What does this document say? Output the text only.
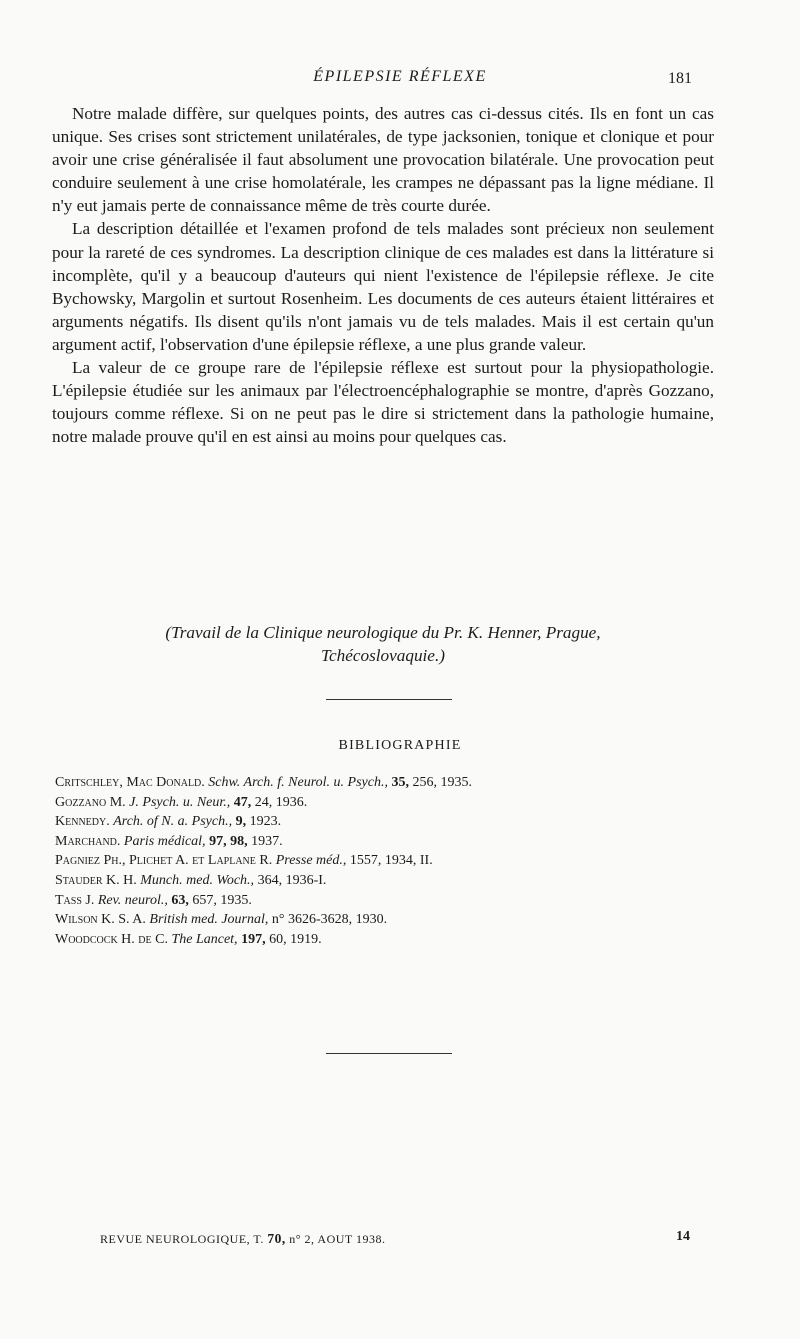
ÉPILEPSIE RÉFLEXE	181

Notre malade diffère, sur quelques points, des autres cas ci-dessus cités. Ils en font un cas unique. Ses crises sont strictement unilatérales, de type jacksonien, tonique et clonique et pour avoir une crise généralisée il faut absolument une provocation bilatérale. Une provocation peut conduire seulement à une crise homolatérale, les crampes ne dépassant pas la ligne médiane. Il n'y eut jamais perte de connaissance même de très courte durée.

La description détaillée et l'examen profond de tels malades sont précieux non seulement pour la rareté de ces syndromes. La description clinique de ces malades est dans la littérature si incomplète, qu'il y a beaucoup d'auteurs qui nient l'existence de l'épilepsie réflexe. Je cite Bychowsky, Margolin et surtout Rosenheim. Les documents de ces auteurs étaient littéraires et arguments négatifs. Ils disent qu'ils n'ont jamais vu de tels malades. Mais il est certain qu'un argument actif, l'observation d'une épilepsie réflexe, a une plus grande valeur.

La valeur de ce groupe rare de l'épilepsie réflexe est surtout pour la physiopathologie. L'épilepsie étudiée sur les animaux par l'électroencéphalographie se montre, d'après Gozzano, toujours comme réflexe. Si on ne peut pas le dire si strictement dans la pathologie humaine, notre malade prouve qu'il en est ainsi au moins pour quelques cas.

(Travail de la Clinique neurologique du Pr. K. Henner, Prague,
Tchécoslovaquie.)
BIBLIOGRAPHIE
Critschley, Mac Donald. Schw. Arch. f. Neurol. u. Psych., 35, 256, 1935.
Gozzano M. J. Psych. u. Neur., 47, 24, 1936.
Kennedy. Arch. of N. a. Psych., 9, 1923.
Marchand. Paris médical, 97, 98, 1937.
Pagniez Ph., Plichet A. et Laplane R. Presse méd., 1557, 1934, II.
Stauder K. H. Munch. med. Woch., 364, 1936-I.
Tass J. Rev. neurol., 63, 657, 1935.
Wilson K. S. A. British med. Journal, n° 3626-3628, 1930.
Woodcock H. de C. The Lancet, 197, 60, 1919.
REVUE NEUROLOGIQUE, T. 70, n° 2, AOUT 1938.	14
